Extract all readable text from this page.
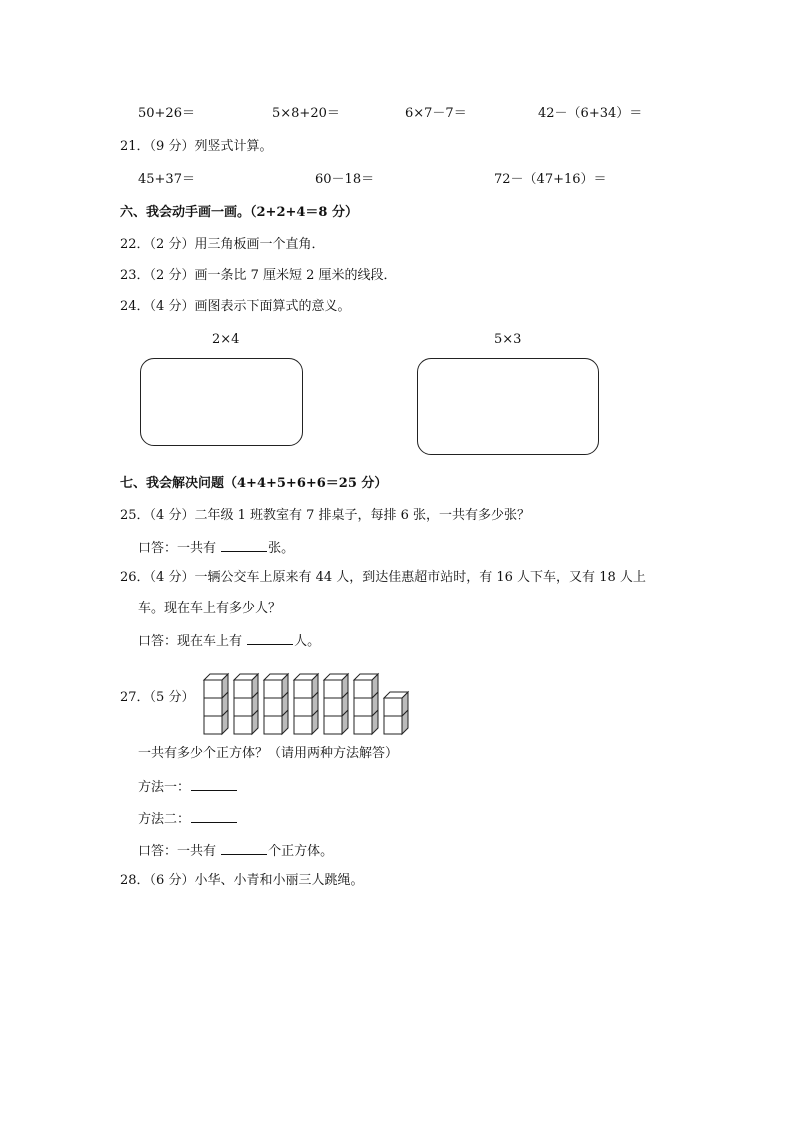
50+26＝	5×8+20＝	6×7－7＝	42－（6+34）＝
21．（9 分）列竖式计算。
45+37＝	60－18＝	72－（47+16）＝
六、我会动手画一画。（2+2+4＝8 分）
22．（2 分）用三角板画一个直角．
23．（2 分）画一条比 7 厘米短 2 厘米的线段．
24．（4 分）画图表示下面算式的意义。
2×4	5×3
七、我会解决问题（4+4+5+6+6＝25 分）
25．（4 分）二年级 1 班教室有 7 排桌子，每排 6 张，一共有多少张？
口答：一共有	张。
26．（4 分）一辆公交车上原来有 44 人，到达佳惠超市站时，有 16 人下车，又有 18 人上
车。现在车上有多少人？
口答：现在车上有	人。
27．（5 分）
一共有多少个正方体？（请用两种方法解答）
方法一：
方法二：
口答：一共有	个正方体。
28．（6 分）小华、小青和小丽三人跳绳。
